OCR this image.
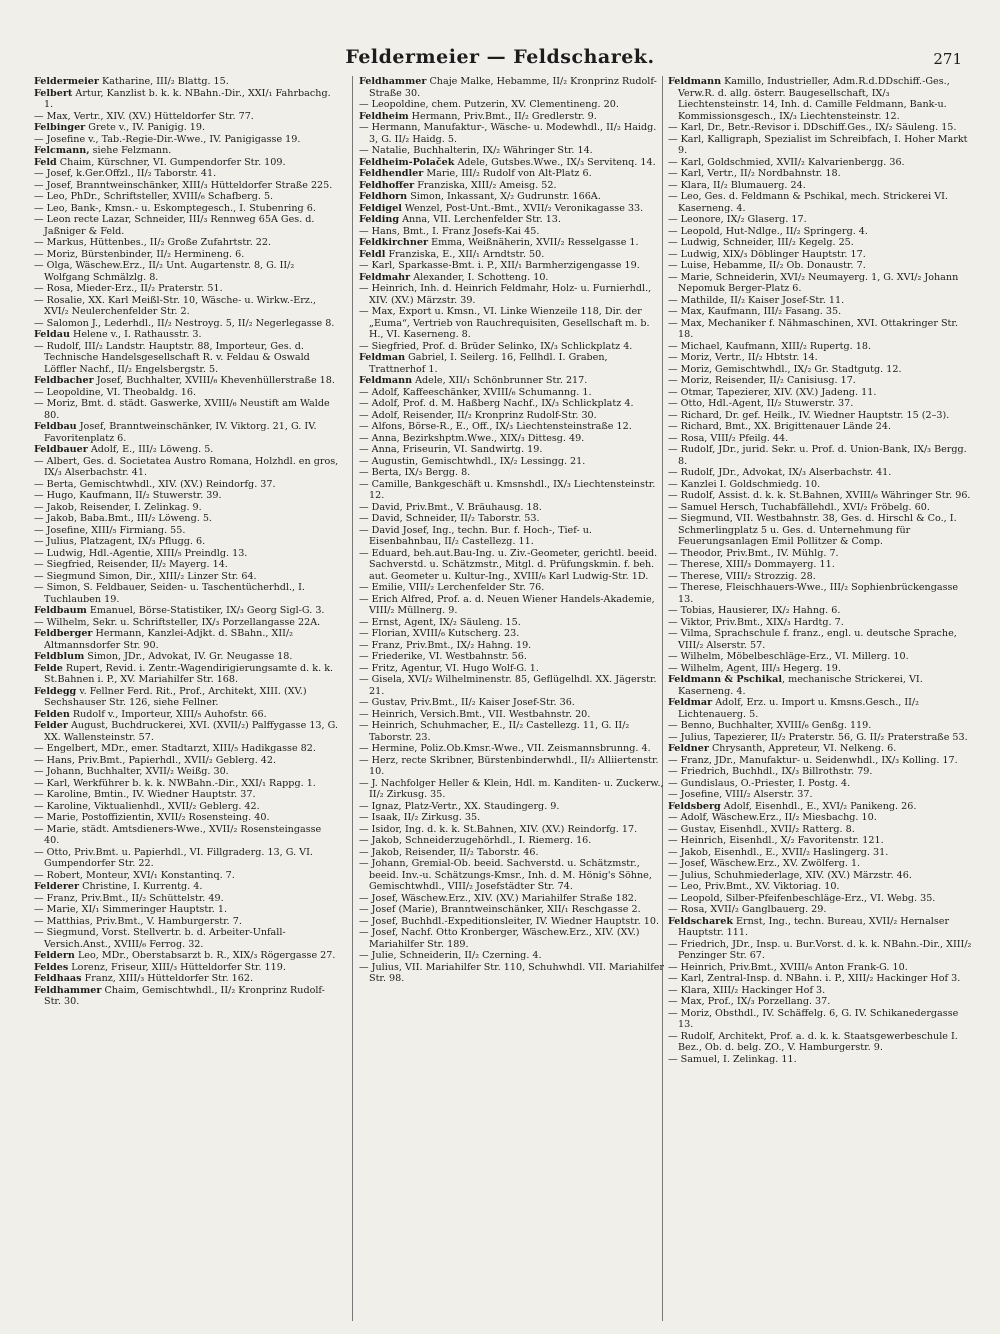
Feldermeier — Feldscharek.	271

Feldermeier Katharine, III/₂ Blattg. 15.

Felbert Artur, Kanzlist b. k. k. NBahn.-Dir., XXI/₁ Fahrbachg. 1.

— Max, Vertr., XIV. (XV.) Hütteldorfer Str. 77.

Felbinger Grete v., IV. Panigig. 19.

— Josefine v., Tab.-Regie-Dir.-Wwe., IV. Panigigasse 19.

Felcmann, siehe Felzmann.

Feld Chaim, Kürschner, VI. Gumpendorfer Str. 109.

— Josef, k.Ger.Offzl., II/₂ Taborstr. 41.

— Josef, Branntweinschänker, XIII/₃ Hütteldorfer Straße 225.

— Leo, PhDr., Schriftsteller, XVIII/₆ Schafberg. 5.

— Leo, Bank-, Kmsn.- u. Eskomptegesch., I. Stubenring 6.

— Leon recte Lazar, Schneider, III/₃ Rennweg 65A Ges. d. Jaßniger & Feld.

— Markus, Hüttenbes., II/₂ Große Zufahrtstr. 22.

— Moriz, Bürstenbinder, II/₂ Hermineng. 6.

— Olga, Wäschew.Erz., II/₂ Unt. Augartenstr. 8, G. II/₂ Wolfgang Schmälzlg. 8.

— Rosa, Mieder-Erz., II/₂ Praterstr. 51.

— Rosalie, XX. Karl Meißl-Str. 10, Wäsche- u. Wirkw.-Erz., XVI/₂ Neulerchenfelder Str. 2.

— Salomon J., Lederhdl., II/₂ Nestroyg. 5, II/₂ Negerlegasse 8.

Feldau Helene v., I. Rathausstr. 3.

— Rudolf, III/₂ Landstr. Hauptstr. 88, Importeur, Ges. d. Technische Handelsgesellschaft R. v. Feldau & Oswald Löffler Nachf., II/₂ Engelsbergstr. 5.

Feldbacher Josef, Buchhalter, XVIII/₆ Khevenhüllerstraße 18.

— Leopoldine, VI. Theobaldg. 16.

— Moriz, Bmt. d. städt. Gaswerke, XVIII/₆ Neustift am Walde 80.

Feldbau Josef, Branntweinschänker, IV. Viktorg. 21, G. IV. Favoritenplatz 6.

Feldbauer Adolf, E., III/₂ Löweng. 5.

— Albert, Ges. d. Societatea Austro Romana, Holzhdl. en gros, IX/₃ Alserbachstr. 41.

— Berta, Gemischtwhdl., XIV. (XV.) Reindorfg. 37.

— Hugo, Kaufmann, II/₂ Stuwerstr. 39.

— Jakob, Reisender, I. Zelinkag. 9.

— Jakob, Baba.Bmt., III/₂ Löweng. 5.

— Josefine, XIII/₅ Firmiang. 55.

— Julius, Platzagent, IX/₃ Pflugg. 6.

— Ludwig, Hdl.-Agentie, XIII/₅ Preindlg. 13.

— Siegfried, Reisender, II/₂ Mayerg. 14.

— Siegmund Simon, Dir., XIII/₂ Linzer Str. 64.

— Simon, S. Feldbauer, Seiden- u. Taschentücherhdl., I. Tuchlauben 19.

Feldbaum Emanuel, Börse-Statistiker, IX/₃ Georg Sigl-G. 3.

— Wilhelm, Sekr. u. Schriftsteller, IX/₃ Porzellangasse 22A.

Feldberger Hermann, Kanzlei-Adjkt. d. SBahn., XII/₂ Altmannsdorfer Str. 90.

Feldblum Simon, JDr., Advokat, IV. Gr. Neugasse 18.

Felde Rupert, Revid. i. Zentr.-Wagendirigierungsamte d. k. k. St.Bahnen i. P., XV. Mariahilfer Str. 168.

Feldegg v. Fellner Ferd. Rit., Prof., Architekt, XIII. (XV.) Sechshauser Str. 126, siehe Fellner.

Felden Rudolf v., Importeur, XIII/₅ Auhofstr. 66.

Felder August, Buchdruckerei, XVI. (XVII/₂) Palffygasse 13, G. XX. Wallensteinstr. 57.

— Engelbert, MDr., emer. Stadtarzt, XIII/₅ Hadikgasse 82.

— Hans, Priv.Bmt., Papierhdl., XVII/₂ Geblerg. 42.

— Johann, Buchhalter, XVII/₂ Weißg. 30.

— Karl, Werkführer b. k. k. NWBahn.-Dir., XXI/₁ Rappg. 1.

— Karoline, Bmtin., IV. Wiedner Hauptstr. 37.

— Karoline, Viktualienhdl., XVII/₂ Geblerg. 42.

— Marie, Postoffizientin, XVII/₂ Rosensteing. 40.

— Marie, städt. Amtsdieners-Wwe., XVII/₂ Rosensteingasse 40.

— Otto, Priv.Bmt. u. Papierhdl., VI. Fillgraderg. 13, G. VI. Gumpendorfer Str. 22.

— Robert, Monteur, XVI/₁ Konstantinq. 7.

Felderer Christine, I. Kurrentg. 4.

— Franz, Priv.Bmt., II/₂ Schüttelstr. 49.

— Marie, XI/₁ Simmeringer Hauptstr. 1.

— Matthias, Priv.Bmt., V. Hamburgerstr. 7.

— Siegmund, Vorst. Stellvertr. b. d. Arbeiter-Unfall-Versich.Anst., XVIII/₆ Ferrog. 32.

Feldern Leo, MDr., Oberstabsarzt b. R., XIX/₃ Rögergasse 27.

Feldes Lorenz, Friseur, XIII/₃ Hütteldorfer Str. 119.

Feldhaas Franz, XIII/₃ Hütteldorfer Str. 162.

Feldhammer Chaim, Gemischtwhdl., II/₂ Kronprinz Rudolf-Str. 30.

Feldhammer Chaje Malke, Hebamme, II/₂ Kronprinz Rudolf-Straße 30.

— Leopoldine, chem. Putzerin, XV. Clementineng. 20.

Feldheim Hermann, Priv.Bmt., II/₂ Gredlerstr. 9.

— Hermann, Manufaktur-, Wäsche- u. Modewhdl., II/₂ Haidg. 3, G. II/₂ Haidg. 5.

— Natalie, Buchhalterin, IX/₂ Währinger Str. 14.

Feldheim-Polaček Adele, Gutsbes.Wwe., IX/₃ Servitenq. 14.

Feldhendler Marie, III/₂ Rudolf von Alt-Platz 6.

Feldhoffer Franziska, XIII/₂ Ameisg. 52.

Feldhorn Simon, Inkassant, X/₂ Gudrunstr. 166A.

Feldigel Wenzel, Post-Unt.-Bmt., XVII/₂ Veronikagasse 33.

Felding Anna, VII. Lerchenfelder Str. 13.

— Hans, Bmt., I. Franz Josefs-Kai 45.

Feldkirchner Emma, Weißnäherin, XVII/₂ Resselgasse 1.

Feldl Franziska, E., XII/₁ Arndtstr. 50.

— Karl, Sparkasse-Bmt. i. P., XII/₁ Barmherzigengasse 19.

Feldmahr Alexander, I. Schotteng. 10.

— Heinrich, Inh. d. Heinrich Feldmahr, Holz- u. Furnierhdl., XIV. (XV.) Märzstr. 39.

— Max, Export u. Kmsn., VI. Linke Wienzeile 118, Dir. der „Euma“, Vertrieb von Rauchrequisiten, Gesellschaft m. b. H., VI. Kaserneng. 8.

— Siegfried, Prof. d. Brüder Selinko, IX/₃ Schlickplatz 4.

Feldman Gabriel, I. Seilerg. 16, Fellhdl. I. Graben, Trattnerhof 1.

Feldmann Adele, XII/₁ Schönbrunner Str. 217.

— Adolf, Kaffeeschänker, XVIII/₆ Schumanng. 1.

— Adolf, Prof. d. M. Haßberg Nachf., IX/₃ Schlickplatz 4.

— Adolf, Reisender, II/₂ Kronprinz Rudolf-Str. 30.

— Alfons, Börse-R., E., Off., IX/₃ Liechtensteinstraße 12.

— Anna, Bezirkshptm.Wwe., XIX/₃ Dittesg. 49.

— Anna, Friseurin, VI. Sandwirtg. 19.

— Augustin, Gemischtwhdl., IX/₂ Lessingg. 21.

— Berta, IX/₃ Bergg. 8.

— Camille, Bankgeschäft u. Kmsnshdl., IX/₃ Liechtensteinstr. 12.

— David, Priv.Bmt., V. Bräuhausg. 18.

— David, Schneider, II/₂ Taborstr. 53.

— David Josef, Ing., techn. Bur. f. Hoch-, Tief- u. Eisenbahnbau, II/₂ Castellezg. 11.

— Eduard, beh.aut.Bau-Ing. u. Ziv.-Geometer, gerichtl. beeid. Sachverstd. u. Schätzmstr., Mitgl. d. Prüfungskmin. f. beh. aut. Geometer u. Kultur-Ing., XVIII/₆ Karl Ludwig-Str. 1D.

— Emilie, VIII/₂ Lerchenfelder Str. 76.

— Erich Alfred, Prof. a. d. Neuen Wiener Handels-Akademie, VIII/₂ Müllnerg. 9.

— Ernst, Agent, IX/₂ Säuleng. 15.

— Florian, XVIII/₆ Kutscherg. 23.

— Franz, Priv.Bmt., IX/₂ Hahng. 19.

— Friederike, VI. Westbahnstr. 56.

— Fritz, Agentur, VI. Hugo Wolf-G. 1.

— Gisela, XVI/₂ Wilhelminenstr. 85, Geflügelhdl. XX. Jägerstr. 21.

— Gustav, Priv.Bmt., II/₂ Kaiser Josef-Str. 36.

— Heinrich, Versich.Bmt., VII. Westbahnstr. 20.

— Heinrich, Schuhmacher, E., II/₂ Castellezg. 11, G. II/₂ Taborstr. 23.

— Hermine, Poliz.Ob.Kmsr.-Wwe., VII. Zeismannsbrunng. 4.

— Herz, recte Skribner, Bürstenbinderwhdl., II/₂ Alliiertenstr. 10.

— J. Nachfolger Heller & Klein, Hdl. m. Kanditen- u. Zuckerw., II/₂ Zirkusg. 35.

— Ignaz, Platz-Vertr., XX. Staudingerg. 9.

— Isaak, II/₂ Zirkusg. 35.

— Isidor, Ing. d. k. k. St.Bahnen, XIV. (XV.) Reindorfg. 17.

— Jakob, Schneiderzugehörhdl., I. Riemerg. 16.

— Jakob, Reisender, II/₂ Taborstr. 46.

— Johann, Gremial-Ob. beeid. Sachverstd. u. Schätzmstr., beeid. Inv.-u. Schätzungs-Kmsr., Inh. d. M. Hönig's Söhne, Gemischtwhdl., VIII/₂ Josefstädter Str. 74.

— Josef, Wäschew.Erz., XIV. (XV.) Mariahilfer Straße 182.

— Josef (Marie), Branntweinschänker, XII/₁ Reschgasse 2.

— Josef, Buchhdl.-Expeditionsleiter, IV. Wiedner Hauptstr. 10.

— Josef, Nachf. Otto Kronberger, Wäschew.Erz., XIV. (XV.) Mariahilfer Str. 189.

— Julie, Schneiderin, II/₂ Czerning. 4.

— Julius, VII. Mariahilfer Str. 110, Schuhwhdl. VII. Mariahilfer Str. 98.

Feldmann Kamillo, Industrieller, Adm.R.d.DDschiff.-Ges., Verw.R. d. allg. österr. Baugesellschaft, IX/₃ Liechtensteinstr. 14, Inh. d. Camille Feldmann, Bank-u. Kommissionsgesch., IX/₃ Liechtensteinstr. 12.

— Karl, Dr., Betr.-Revisor i. DDschiff.Ges., IX/₂ Säuleng. 15.

— Karl, Kalligraph, Spezialist im Schreibfach, I. Hoher Markt 9.

— Karl, Goldschmied, XVII/₂ Kalvarienbergg. 36.

— Karl, Vertr., II/₂ Nordbahnstr. 18.

— Klara, II/₂ Blumauerg. 24.

— Leo, Ges. d. Feldmann & Pschikal, mech. Strickerei VI. Kaserneng. 4.

— Leonore, IX/₂ Glaserg. 17.

— Leopold, Hut-Ndlge., II/₂ Springerg. 4.

— Ludwig, Schneider, III/₂ Kegelg. 25.

— Ludwig, XIX/₃ Döblinger Hauptstr. 17.

— Luise, Hebamme, II/₂ Ob. Donaustr. 7.

— Marie, Schneiderin, XVI/₂ Neumayerg. 1, G. XVI/₂ Johann Nepomuk Berger-Platz 6.

— Mathilde, II/₂ Kaiser Josef-Str. 11.

— Max, Kaufmann, III/₂ Fasang. 35.

— Max, Mechaniker f. Nähmaschinen, XVI. Ottakringer Str. 18.

— Michael, Kaufmann, XIII/₂ Rupertg. 18.

— Moriz, Vertr., II/₂ Hbtstr. 14.

— Moriz, Gemischtwhdl., IX/₂ Gr. Stadtgutg. 12.

— Moriz, Reisender, II/₂ Canisiusg. 17.

— Otmar, Tapezierer, XIV. (XV.) Jadeng. 11.

— Otto, Hdl.-Agent, II/₂ Stuwerstr. 37.

— Richard, Dr. gef. Heilk., IV. Wiedner Hauptstr. 15 (2–3).

— Richard, Bmt., XX. Brigittenauer Lände 24.

— Rosa, VIII/₂ Pfeilg. 44.

— Rudolf, JDr., jurid. Sekr. u. Prof. d. Union-Bank, IX/₃ Bergg. 8.

— Rudolf, JDr., Advokat, IX/₃ Alserbachstr. 41.

— Kanzlei I. Goldschmiedg. 10.

— Rudolf, Assist. d. k. k. St.Bahnen, XVIII/₆ Währinger Str. 96.

— Samuel Hersch, Tuchabfällehdl., XVI/₂ Fröbelg. 60.

— Siegmund, VII. Westbahnstr. 38, Ges. d. Hirschl & Co., I. Schmerlingplatz 5 u. Ges. d. Unternehmung für Feuerungsanlagen Emil Pollitzer & Comp.

— Theodor, Priv.Bmt., IV. Mühlg. 7.

— Therese, XIII/₃ Dommayerg. 11.

— Therese, VIII/₂ Strozzig. 28.

— Therese, Fleischhauers-Wwe., III/₂ Sophienbrückengasse 13.

— Tobias, Hausierer, IX/₂ Hahng. 6.

— Viktor, Priv.Bmt., XIX/₃ Hardtg. 7.

— Vilma, Sprachschule f. franz., engl. u. deutsche Sprache, VIII/₂ Alserstr. 57.

— Wilhelm, Möbelbeschläge-Erz., VI. Millerg. 10.

— Wilhelm, Agent, III/₃ Hegerg. 19.

Feldmann & Pschikal, mechanische Strickerei, VI. Kaserneng. 4.

Feldmar Adolf, Erz. u. Import u. Kmsns.Gesch., II/₂ Lichtenauerg. 5.

— Benno, Buchhalter, XVIII/₆ Genßg. 119.

— Julius, Tapezierer, II/₂ Praterstr. 56, G. II/₂ Praterstraße 53.

Feldner Chrysanth, Appreteur, VI. Nelkeng. 6.

— Franz, JDr., Manufaktur- u. Seidenwhdl., IX/₃ Kolling. 17.

— Friedrich, Buchhdl., IX/₃ Billrothstr. 79.

— Gundislaus, O.-Priester, I. Postg. 4.

— Josefine, VIII/₂ Alserstr. 37.

Feldsberg Adolf, Eisenhdl., E., XVI/₂ Panikeng. 26.

— Adolf, Wäschew.Erz., II/₂ Miesbachg. 10.

— Gustav, Eisenhdl., XVII/₂ Ratterg. 8.

— Heinrich, Eisenhdl., X/₂ Favoritenstr. 121.

— Jakob, Eisenhdl., E., XVII/₂ Haslingerg. 31.

— Josef, Wäschew.Erz., XV. Zwölferg. 1.

— Julius, Schuhmiederlage, XIV. (XV.) Märzstr. 46.

— Leo, Priv.Bmt., XV. Viktoriag. 10.

— Leopold, Silber-Pfeifenbeschläge-Erz., VI. Webg. 35.

— Rosa, XVII/₂ Ganglbauerg. 29.

Feldscharek Ernst, Ing., techn. Bureau, XVII/₂ Hernalser Hauptstr. 111.

— Friedrich, JDr., Insp. u. Bur.Vorst. d. k. k. NBahn.-Dir., XIII/₂ Penzinger Str. 67.

— Heinrich, Priv.Bmt., XVIII/₆ Anton Frank-G. 10.

— Karl, Zentral-Insp. d. NBahn. i. P., XIII/₂ Hackinger Hof 3.

— Klara, XIII/₂ Hackinger Hof 3.

— Max, Prof., IX/₃ Porzellang. 37.

— Moriz, Obsthdl., IV. Schäffelg. 6, G. IV. Schikanedergasse 13.

— Rudolf, Architekt, Prof. a. d. k. k. Staatsgewerbeschule I. Bez., Ob. d. belg. ZO., V. Hamburgerstr. 9.

— Samuel, I. Zelinkag. 11.
